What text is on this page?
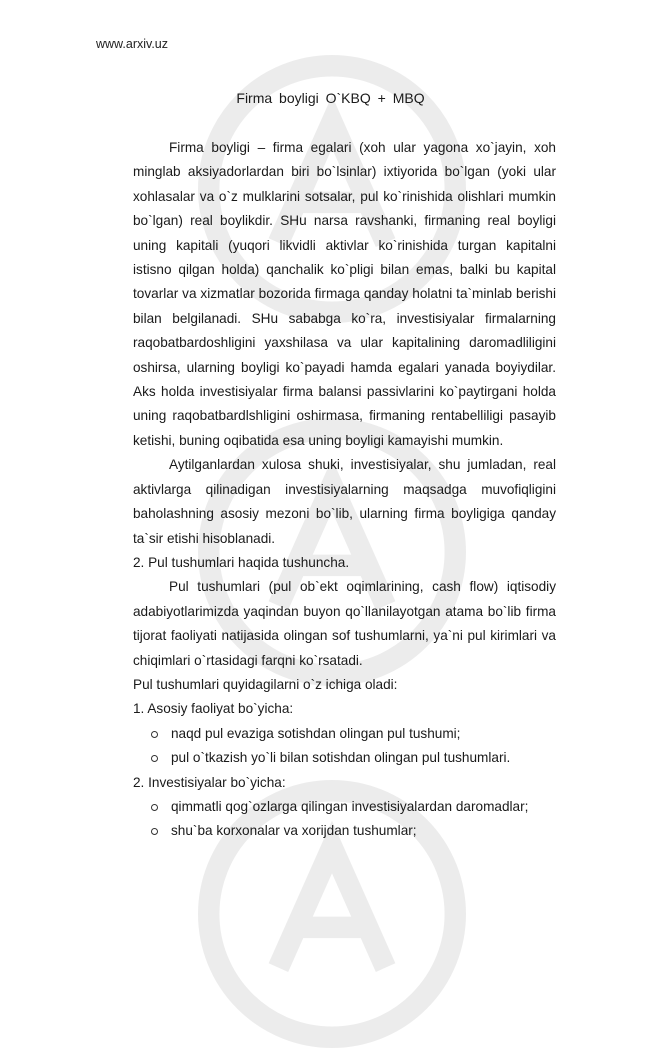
www.arxiv.uz
Firma boyligi O`KBQ + MBQ

Firma boyligi – firma egalari (xoh ular yagona xo`jayin, xoh minglab aksiyadorlardan biri bo`lsinlar) ixtiyorida bo`lgan (yoki ular xohlasalar va o`z mulklarini sotsalar, pul ko`rinishida olishlari mumkin bo`lgan) real boylikdir. SHu narsa ravshanki, firmaning real boyligi uning kapitali (yuqori likvidli aktivlar ko`rinishida turgan kapitalni istisno qilgan holda) qanchalik ko`pligi bilan emas, balki bu kapital tovarlar va xizmatlar bozorida firmaga qanday holatni ta`minlab berishi bilan belgilanadi. SHu sababga ko`ra, investisiyalar firmalarning raqobatbardoshligini yaxshilasa va ular kapitalining daromadliligini oshirsa, ularning boyligi ko`payadi hamda egalari yanada boyiydilar. Aks holda investisiyalar firma balansi passivlarini ko`paytirgani holda uning raqobatbardlshligini oshirmasa, firmaning rentabelliligi pasayib ketishi, buning oqibatida esa uning boyligi kamayishi mumkin.

Aytilganlardan xulosa shuki, investisiyalar, shu jumladan, real aktivlarga qilinadigan investisiyalarning maqsadga muvofiqligini baholashning asosiy mezoni bo`lib, ularning firma boyligiga qanday ta`sir etishi hisoblanadi.

2. Pul tushumlari haqida tushuncha.

Pul tushumlari (pul ob`ekt oqimlarining, cash flow) iqtisodiy adabiyotlarimizda yaqindan buyon qo`llanilayotgan atama bo`lib firma tijorat faoliyati natijasida olingan sof tushumlarni, ya`ni pul kirimlari va chiqimlari o`rtasidagi farqni ko`rsatadi.

Pul tushumlari quyidagilarni o`z ichiga oladi:

1. Asosiy faoliyat bo`yicha:

naqd pul evaziga sotishdan olingan pul tushumi;

pul o`tkazish yo`li bilan sotishdan olingan pul tushumlari.

2. Investisiyalar bo`yicha:

qimmatli qog`ozlarga qilingan investisiyalardan daromadlar;

shu`ba korxonalar va xorijdan tushumlar;
